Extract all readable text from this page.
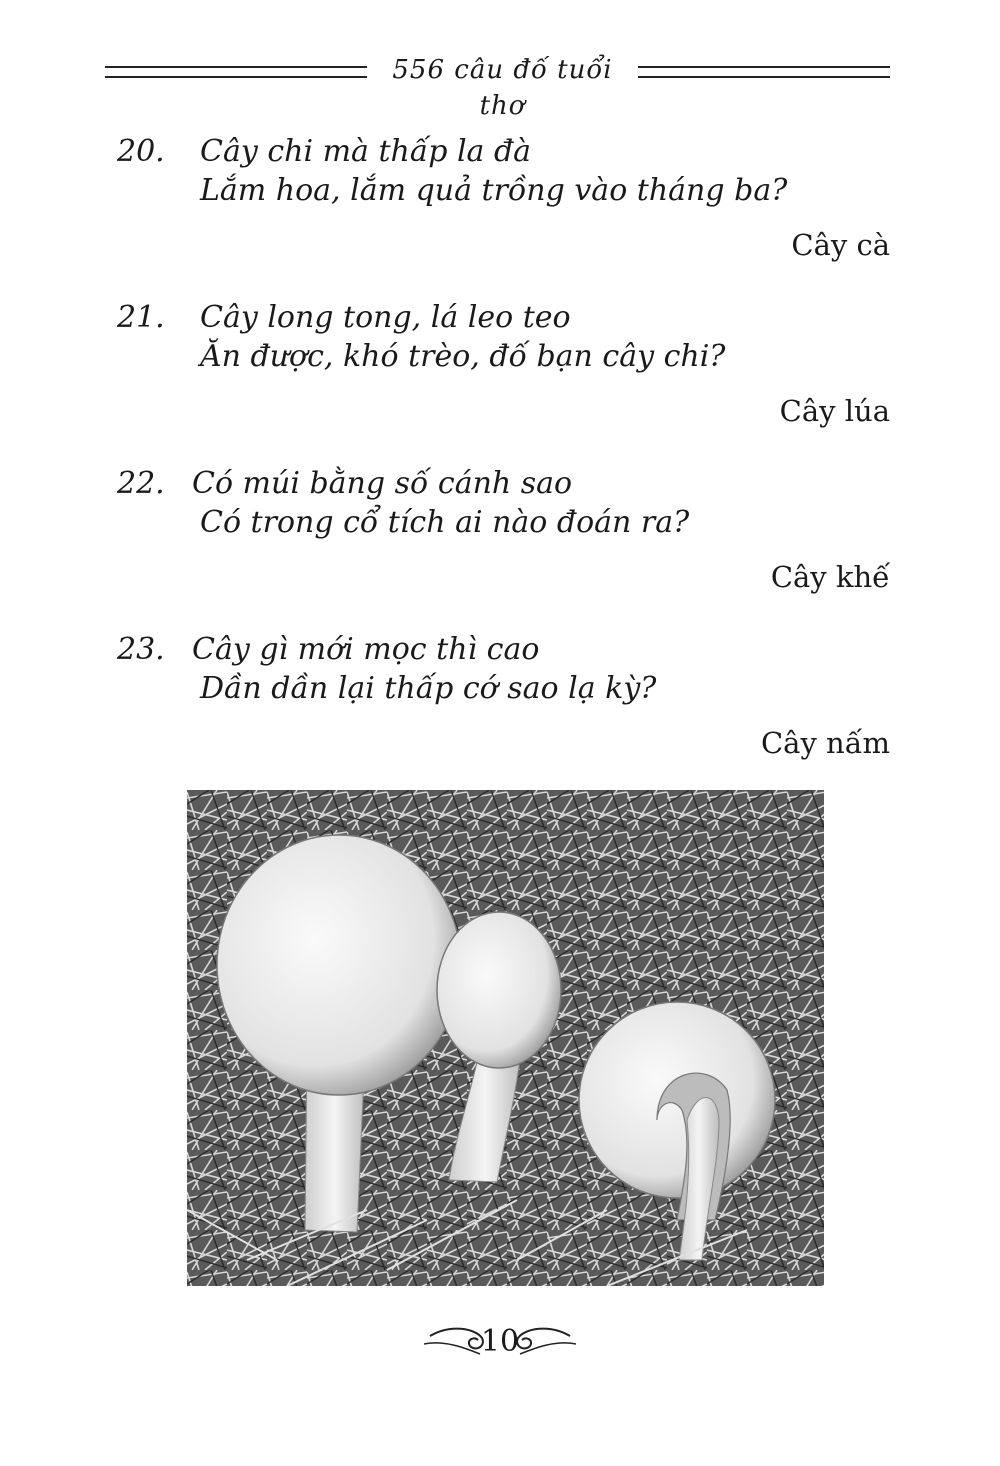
556 câu đố tuổi thơ
20. Cây chi mà thấp la đà
Lắm hoa, lắm quả trồng vào tháng ba?
Cây cà
21. Cây long tong, lá leo teo
Ăn được, khó trèo, đố bạn cây chi?
Cây lúa
22. Có múi bằng số cánh sao
Có trong cổ tích ai nào đoán ra?
Cây khế
23. Cây gì mới mọc thì cao
Dần dần lại thấp cớ sao lạ kỳ?
Cây nấm
10
